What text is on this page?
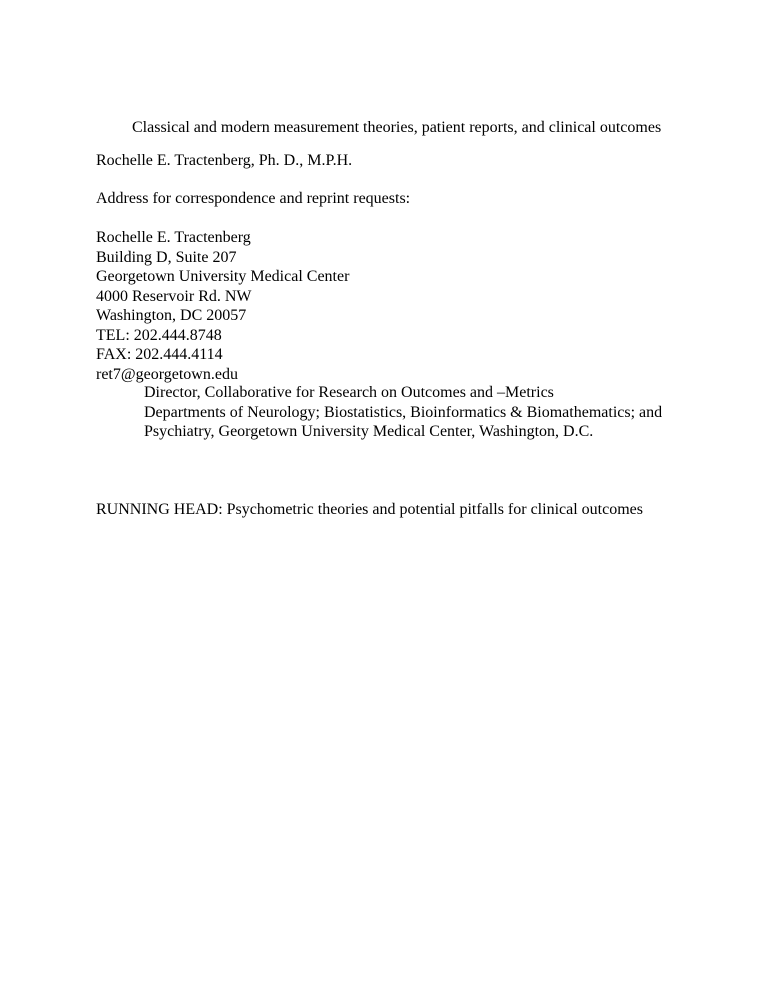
Classical and modern measurement theories, patient reports, and clinical outcomes
Rochelle E. Tractenberg, Ph. D., M.P.H.
Address for correspondence and reprint requests:
Rochelle E. Tractenberg
Building D, Suite 207
Georgetown University Medical Center
4000 Reservoir Rd. NW
Washington, DC 20057
TEL: 202.444.8748
FAX: 202.444.4114
ret7@georgetown.edu
Director, Collaborative for Research on Outcomes and –Metrics
Departments of Neurology; Biostatistics, Bioinformatics & Biomathematics; and
Psychiatry, Georgetown University Medical Center, Washington, D.C.
RUNNING HEAD: Psychometric theories and potential pitfalls for clinical outcomes
